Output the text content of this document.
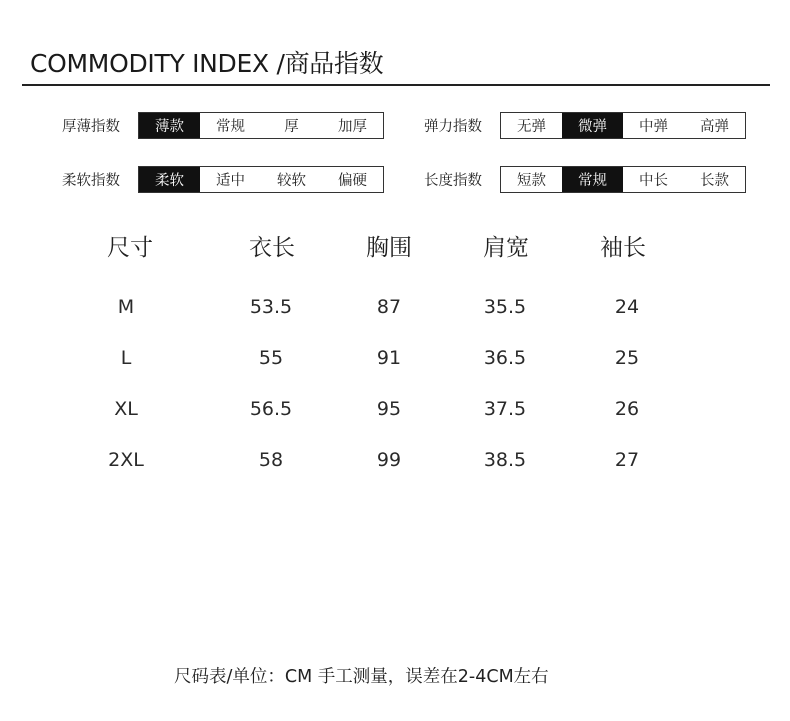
COMMODITY INDEX /商品指数
厚薄指数	薄款	常规	厚	加厚	弹力指数	无弹	微弹	中弹	高弹
柔软指数	柔软	适中	较软	偏硬	长度指数	短款	常规	中长	长款
尺寸	衣长	胸围	肩宽	袖长
M	53.5	87	35.5	24
L	55	91	36.5	25
XL	56.5	95	37.5	26
2XL	58	99	38.5	27
尺码表/单位：CM 手工测量，误差在2-4CM左右
